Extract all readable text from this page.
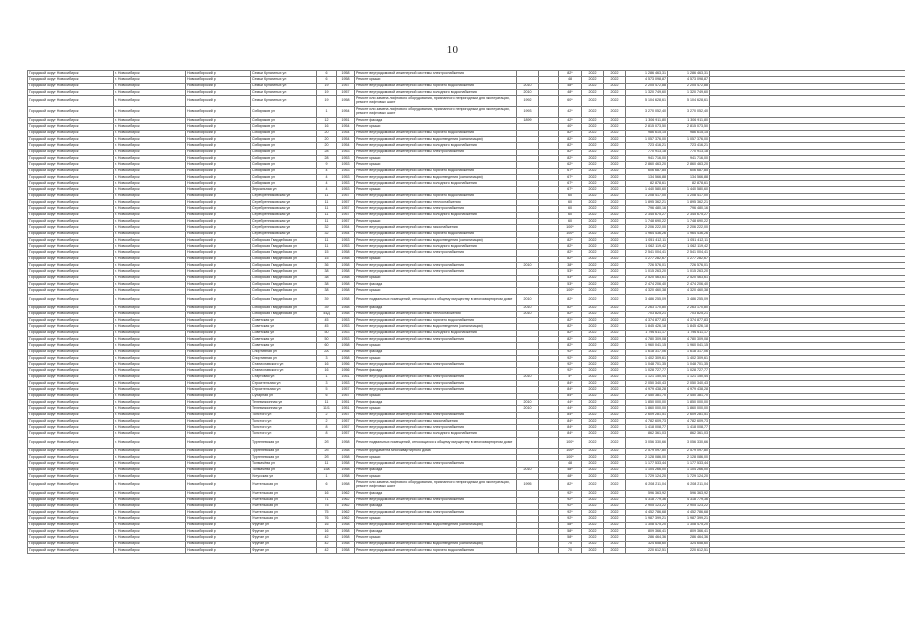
10
Городской округ Новосибирск	г. Новосибирск	Новосибирский р	Семьи Кулагиных ул	6	1958	Ремонт внутридомовой инженерной системы электроснабжения			82*	2022	2022	1 286 463,31	1 286 463,31	
Городской округ Новосибирск	г. Новосибирск	Новосибирский р	Семьи Кулагиных ул	6	1958	Ремонт крыши			48	2022	2022	4 573 098,87	4 573 098,87	
Городской округ Новосибирск	г. Новосибирск	Новосибирский р	Семьи Кулагиных ул	19	1957	Ремонт внутридомовой инженерной системы горячего водоснабжения	2010		48*	2022	2022	2 205 472,88	2 205 472,88	
Городской округ Новосибирск	г. Новосибирск	Новосибирский р	Семьи Кулагиных ул	19	1957	Ремонт внутридомовой инженерной системы холодного водоснабжения	2010		48*	2022	2022	1 320 749,60	1 320 749,60	
Городской округ Новосибирск	г. Новосибирск	Новосибирский р	Семьи Кулагиных ул	19	1958	Ремонт или замена лифтового оборудования, признанного непригодным для эксплуатации, ремонт лифтовых шахт	1992		60*	2022	2022	5 104 628,61	5 104 628,61	
Городской округ Новосибирск	г. Новосибирск	Новосибирский р	Сибиряков ул	1	1954	Ремонт или замена лифтового оборудования, признанного непригодным для эксплуатации, ремонт лифтовых шахт	1993		42*	2022	2022	3 270 052,40	3 270 052,40	
Городской округ Новосибирск	г. Новосибирск	Новосибирский р	Сибиряков ул	12	1951	Ремонт фасада	1899		42*	2022	2022	1 306 911,80	1 306 911,80	
Городской округ Новосибирск	г. Новосибирск	Новосибирский р	Сибиряков ул	16	1954	Ремонт крыши			40*	2022	2022	2 815 073,50	2 815 073,50	
Городской округ Новосибирск	г. Новосибирск	Новосибирский р	Сибиряков ул	20	1954	Ремонт внутридомовой инженерной системы горячего водоснабжения			82*	2022	2022	986 615,15	986 615,15	
Городской округ Новосибирск	г. Новосибирск	Новосибирский р	Сибиряков ул	20	1954	Ремонт внутридомовой инженерной системы водоотведения (канализации)			82*	2022	2022	1 057 376,00	1 057 376,00	
Городской округ Новосибирск	г. Новосибирск	Новосибирский р	Сибиряков ул	20	1954	Ремонт внутридомовой инженерной системы холодного водоснабжения			82*	2022	2022	723 416,21	723 416,21	
Городской округ Новосибирск	г. Новосибирск	Новосибирский р	Сибиряков ул	28	1953	Ремонт внутридомовой инженерной системы электроснабжения			82*	2022	2022	770 913,18	770 913,18	
Городской округ Новосибирск	г. Новосибирск	Новосибирский р	Сибиряков ул	28	1953	Ремонт крыши			82*	2022	2022	941 716,00	941 716,00	
Городской округ Новосибирск	г. Новосибирск	Новосибирский р	Сибиряков ул	9	1953	Ремонт крыши			62*	2022	2022	2 860 463,20	2 860 463,20	
Городской округ Новосибирск	г. Новосибирск	Новосибирский р	Сибиряков ул	4	1953	Ремонт внутридомовой инженерной системы горячего водоснабжения			67*	2022	2022	606 687,85	606 687,85	
Городской округ Новосибирск	г. Новосибирск	Новосибирский р	Сибиряков ул	4	1953	Ремонт внутридомовой инженерной системы водоотведения (канализации)			67*	2022	2022	134 566,88	134 566,88	
Городской округ Новосибирск	г. Новосибирск	Новосибирский р	Сибиряков ул	4	1953	Ремонт внутридомовой инженерной системы холодного водоснабжения			67*	2022	2022	82 878,61	82 878,61	
Городской округ Новосибирск	г. Новосибирск	Новосибирский р	Зеркальная ул	4	1953	Ремонт крыши			67*	2022	2022	1 440 580,60	1 440 580,60	
Городской округ Новосибирск	г. Новосибирск	Новосибирский р	Серебренниковская ул	11	1957	Ремонт внутридомовой инженерной системы горячего водоснабжения			60	2022	2022	1 208 417,00	1 208 417,00	
Городской округ Новосибирск	г. Новосибирск	Новосибирский р	Серебренниковская ул	11	1957	Ремонт внутридомовой инженерной системы теплоснабжения			60	2022	2022	1 895 362,21	1 895 362,21	
Городской округ Новосибирск	г. Новосибирск	Новосибирский р	Серебренниковская ул	11	1957	Ремонт внутридомовой инженерной системы электроснабжения			60	2022	2022	796 480,16	796 480,16	
Городской округ Новосибирск	г. Новосибирск	Новосибирский р	Серебренниковская ул	11	1957	Ремонт внутридомовой инженерной системы холодного водоснабжения			60	2022	2022	2 345 675,27	2 345 675,27	
Городской округ Новосибирск	г. Новосибирск	Новосибирский р	Серебренниковская ул	11	1957	Ремонт крыши			60	2022	2022	1 748 690,22	1 748 690,22	
Городской округ Новосибирск	г. Новосибирск	Новосибирский р	Серебренниковская ул	32	1954	Ремонт внутридомовой инженерной системы газоснабжения			100*	2022	2022	2 206 222,00	2 206 222,00	
Городской округ Новосибирск	г. Новосибирск	Новосибирский р	Серебренниковская ул	32	1954	Ремонт внутридомовой инженерной системы горячего водоснабжения			100*	2022	2022	1 964 436,26	1 964 436,26	
Городской округ Новосибирск	г. Новосибирск	Новосибирский р	Сибирская Гвардейская ул	11	1953	Ремонт внутридомовой инженерной системы водоотведения (канализации)			82*	2022	2022	1 051 412,11	1 051 412,11	
Городской округ Новосибирск	г. Новосибирск	Новосибирский р	Сибирская Гвардейская ул	11	1953	Ремонт внутридомовой инженерной системы холодного водоснабжения			82*	2022	2022	1 062 119,42	1 062 119,42	
Городской округ Новосибирск	г. Новосибирск	Новосибирский р	Сибирская Гвардейская ул	15	1958	Ремонт внутридомовой инженерной системы электроснабжения			82*	2022	2022	2 541 004,41	2 541 004,41	
Городской округ Новосибирск	г. Новосибирск	Новосибирский р	Сибирская Гвардейская ул	15	1958	Ремонт крыши			82*	2022	2022	1 277 282,67	1 277 282,67	
Городской округ Новосибирск	г. Новосибирск	Новосибирский р	Сибирская Гвардейская ул	36	1958	Ремонт внутридомовой инженерной системы электроснабжения	2010		38*	2022	2022	726 576,01	726 576,01	
Городской округ Новосибирск	г. Новосибирск	Новосибирский р	Сибирская Гвардейская ул	38	1958	Ремонт внутридомовой инженерной системы электроснабжения			53*	2022	2022	1 015 263,20	1 015 263,20	
Городской округ Новосибирск	г. Новосибирск	Новосибирский р	Сибирская Гвардейская ул	38	1958	Ремонт крыши			53*	2022	2022	2 520 463,61	2 520 463,61	
Городской округ Новосибирск	г. Новосибирск	Новосибирский р	Сибирская Гвардейская ул	38	1958	Ремонт фасада			53*	2022	2022	2 474 206,40	2 474 206,40	
Городской округ Новосибирск	г. Новосибирск	Новосибирский р	Сибирская Гвардейская ул	38	1958	Ремонт крыши			100*	2022	2022	4 320 460,38	4 320 460,38	
Городской округ Новосибирск	г. Новосибирск	Новосибирский р	Сибирская Гвардейская ул	39	1958	Ремонт подвальных помещений, относящихся к общему имуществу в многоквартирном доме	2010		82*	2022	2022	3 486 255,09	3 486 255,09	
Городской округ Новосибирск	г. Новосибирск	Новосибирский р	Сибирская Гвардейская ул	39	1958	Ремонт фасада	2010		82*	2022	2022	2 263 170,80	2 263 170,80	
Городской округ Новосибирск	г. Новосибирск	Новосибирский р	Сибирская Гвардейская ул	44Д	1958	Ремонт внутридомовой инженерной системы теплоснабжения	2010		82*	2022	2022	703 825,21	703 825,21	
Городской округ Новосибирск	г. Новосибирск	Новосибирский р	Советская ул	45	1953	Ремонт внутридомовой инженерной системы горячего водоснабжения			82*	2022	2022	4 374 877,83	4 374 877,83	
Городской округ Новосибирск	г. Новосибирск	Новосибирский р	Советская ул	45	1953	Ремонт внутридомовой инженерной системы водоотведения (канализации)			82*	2022	2022	1 845 426,18	1 845 426,18	
Городской округ Новосибирск	г. Новосибирск	Новосибирский р	Советская ул	50	1953	Ремонт внутридомовой инженерной системы холодного водоснабжения			82*	2022	2022	1 796 611,17	1 796 611,17	
Городской округ Новосибирск	г. Новосибирск	Новосибирский р	Советская ул	50	1953	Ремонт внутридомовой инженерной системы электроснабжения			82*	2022	2022	4 780 309,08	4 780 309,08	
Городской округ Новосибирск	г. Новосибирск	Новосибирский р	Советская ул	60	1958	Ремонт крыши			82*	2022	2022	1 960 041,15	1 960 041,15	
Городской округ Новосибирск	г. Новосибирск	Новосибирский р	Спортивная ул	2А	1958	Ремонт фасада			92*	2022	2022	1 618 317,06	1 618 317,06	
Городской округ Новосибирск	г. Новосибирск	Новосибирский р	Спортивная ул	3	1958	Ремонт крыши			92*	2022	2022	1 402 309,61	1 402 309,61	
Городской округ Новосибирск	г. Новосибирск	Новосибирский р	Станиславского ул	16	1956	Ремонт внутридомовой инженерной системы электроснабжения			92*	2022	2022	1 048 701,35	1 048 701,35	
Городской округ Новосибирск	г. Новосибирск	Новосибирский р	Станиславского ул	16	1956	Ремонт фасада			92*	2022	2022	1 028 727,77	1 028 727,77	
Городской округ Новосибирск	г. Новосибирск	Новосибирский р	Стартовая ул	1	1951	Ремонт внутридомовой инженерной системы электроснабжения	2010		4*	2022	2022	1 121 150,44	1 121 150,44	
Городской округ Новосибирск	г. Новосибирск	Новосибирский р	Строительная ул	3	1953	Ремонт внутридомовой инженерной системы электроснабжения			84*	2022	2022	2 050 340,43	2 050 340,43	
Городской округ Новосибирск	г. Новосибирск	Новосибирский р	Строительная ул	5	1957	Ремонт внутридомовой инженерной системы электроснабжения			84*	2022	2022	4 979 438,28	4 979 438,28	
Городской округ Новосибирск	г. Новосибирск	Новосибирский р	Сухарная ул	6	1957	Ремонт крыши			84*	2022	2022	2 450 381,70	2 450 381,70	
Городской округ Новосибирск	г. Новосибирск	Новосибирский р	Телевизионная ул	11	1951	Ремонт фасада	2010		44*	2022	2022	1 850 000,00	1 850 000,00	
Городской округ Новосибирск	г. Новосибирск	Новосибирский р	Телевизионная ул	11/1	1951	Ремонт крыши	2010		44*	2022	2022	1 860 000,00	1 860 000,00	
Городской округ Новосибирск	г. Новосибирск	Новосибирский р	Толстого ул	2	1957	Ремонт внутридомовой инженерной системы электроснабжения			84*	2022	2022	2 609 281,51	2 609 281,51	
Городской округ Новосибирск	г. Новосибирск	Новосибирский р	Толстого ул	2	1957	Ремонт внутридомовой инженерной системы газоснабжения			84*	2022	2022	4 782 609,73	4 782 609,73	
Городской округ Новосибирск	г. Новосибирск	Новосибирский р	Толстого ул	8	1957	Ремонт внутридомовой инженерной системы электроснабжения			84*	2022	2022	1 418 008,77	1 418 008,77	
Городской округ Новосибирск	г. Новосибирск	Новосибирский р	Толстого ул	8	1957	Ремонт внутридомовой инженерной системы холодного водоснабжения			84*	2022	2022	862 361,03	862 361,03	
Городской округ Новосибирск	г. Новосибирск	Новосибирский р	Тургеневская ул	2б	1958	Ремонт подвальных помещений, относящихся к общему имуществу в многоквартирном доме			100*	2022	2022	3 056 330,66	3 056 330,66	
Городской округ Новосибирск	г. Новосибирск	Новосибирский р	Тургеневская ул	2б	1958	Ремонт фундамента многоквартирного дома			100*	2022	2022	2 579 097,80	2 579 097,80	
Городской округ Новосибирск	г. Новосибирск	Новосибирский р	Тургеневская ул	2б	1958	Ремонт крыши			100*	2022	2022	2 128 086,00	2 128 086,00	
Городской округ Новосибирск	г. Новосибирск	Новосибирский р	Толмачёва ул	11	1958	Ремонт внутридомовой инженерной системы электроснабжения			48	2022	2022	1 177 533,44	1 177 533,44	
Городской округ Новосибирск	г. Новосибирск	Новосибирский р	Толмачёва ул	15а	1958	Ремонт фасада	2010		48*	2022	2022	1 104 266,00	1 104 266,00	
Городской округ Новосибирск	г. Новосибирск	Новосибирский р	Уктусская ул	1	1958	Ремонт крыши			48*	2022	2022	1 729 124,20	1 729 124,20	
Городской округ Новосибирск	г. Новосибирск	Новосибирский р	Учительская ул	6	1958	Ремонт или замена лифтового оборудования, признанного непригодным для эксплуатации, ремонт лифтовых шахт	1995		82*	2022	2022	6 208 211,04	6 208 211,04	
Городской округ Новосибирск	г. Новосибирск	Новосибирский р	Учительская ул	16	1962	Ремонт фасада			92*	2022	2022	596 363,92	596 363,92	
Городской округ Новосибирск	г. Новосибирск	Новосибирский р	Учительская ул	71	1962	Ремонт внутридомовой инженерной системы электроснабжения			92*	2022	2022	4 318 779,36	4 318 779,36	
Городской округ Новосибирск	г. Новосибирск	Новосибирский р	Учительская ул	75	1962	Ремонт фасада			92*	2022	2022	2 905 123,22	2 905 123,22	
Городской округ Новосибирск	г. Новосибирск	Новосибирский р	Учительская ул	75	1962	Ремонт внутридомовой инженерной системы электроснабжения			92*	2022	2022	4 452 786,68	4 452 786,68	
Городской округ Новосибирск	г. Новосибирск	Новосибирский р	Учительская ул	76	1962	Ремонт крыши			92*	2022	2022	1 987 399,21	1 987 399,21	
Городской округ Новосибирск	г. Новосибирск	Новосибирский р	Фрунзе ул	16	1958	Ремонт внутридомовой инженерной системы водоотведения (канализации)			58*	2022	2022	1 308 475,20	1 308 475,20	
Городской округ Новосибирск	г. Новосибирск	Новосибирский р	Фрунзе ул	16	1958	Ремонт фасада			58*	2022	2022	809 366,41	809 366,41	
Городской округ Новосибирск	г. Новосибирск	Новосибирский р	Фрунзе ул	42	1958	Ремонт крыши			58*	2022	2022	286 464,36	286 464,36	
Городской округ Новосибирск	г. Новосибирск	Новосибирский р	Фрунзе ул	42	1958	Ремонт внутридомовой инженерной системы водоотведения (канализации)			70	2022	2022	324 658,60	324 658,60	
Городской округ Новосибирск	г. Новосибирск	Новосибирский р	Фрунзе ул	42	1958	Ремонт внутридомовой инженерной системы горячего водоснабжения			70	2022	2022	220 612,51	220 612,51	
